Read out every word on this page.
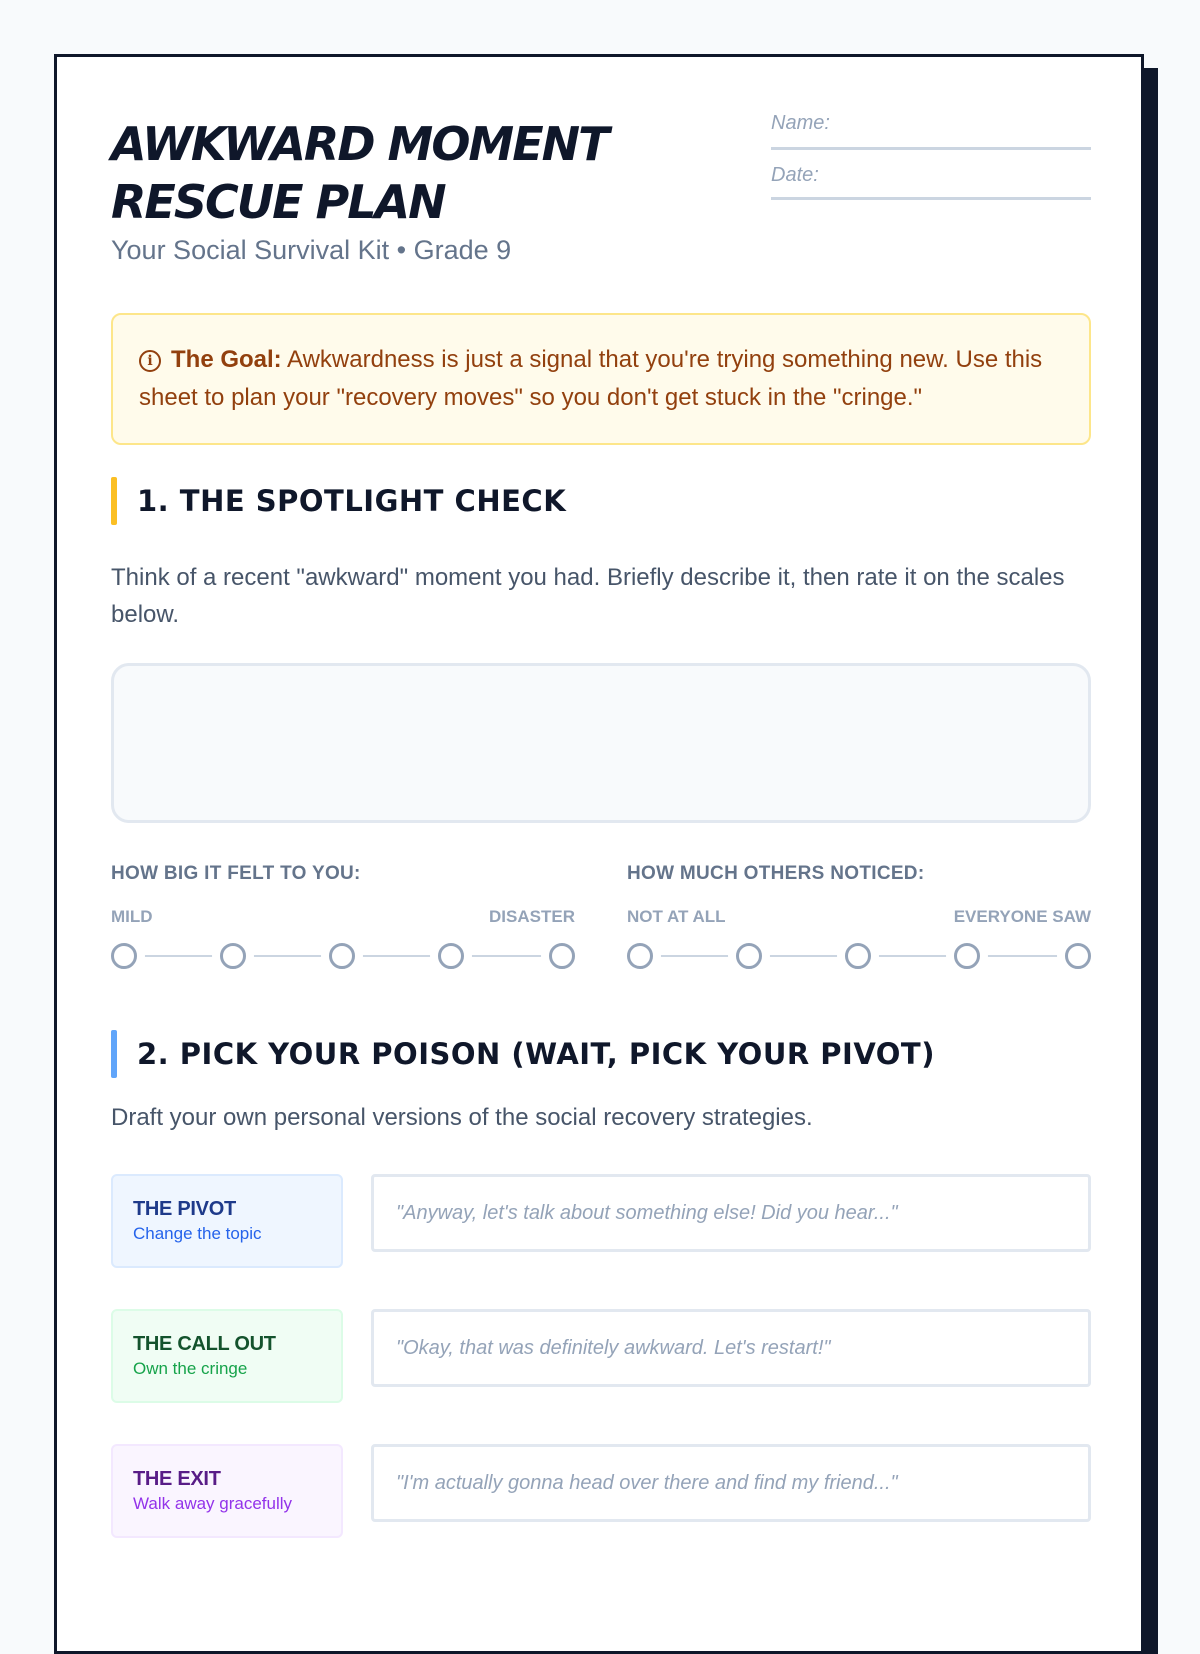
AWKWARD MOMENT
RESCUE PLAN

Your Social Survival Kit • Grade 9

Name:
Date:
i The Goal: Awkwardness is just a signal that you're trying something new. Use this sheet to plan your "recovery moves" so you don't get stuck in the "cringe."
1. THE SPOTLIGHT CHECK

Think of a recent "awkward" moment you had. Briefly describe it, then rate it on the scales below.

HOW BIG IT FELT TO YOU:
MILD	DISASTER
HOW MUCH OTHERS NOTICED:
NOT AT ALL	EVERYONE SAW
2. PICK YOUR POISON (WAIT, PICK YOUR PIVOT)

Draft your own personal versions of the social recovery strategies.

THE PIVOT
Change the topic
"Anyway, let's talk about something else! Did you hear..."
THE CALL OUT
Own the cringe
"Okay, that was definitely awkward. Let's restart!"
THE EXIT
Walk away gracefully
"I'm actually gonna head over there and find my friend..."
